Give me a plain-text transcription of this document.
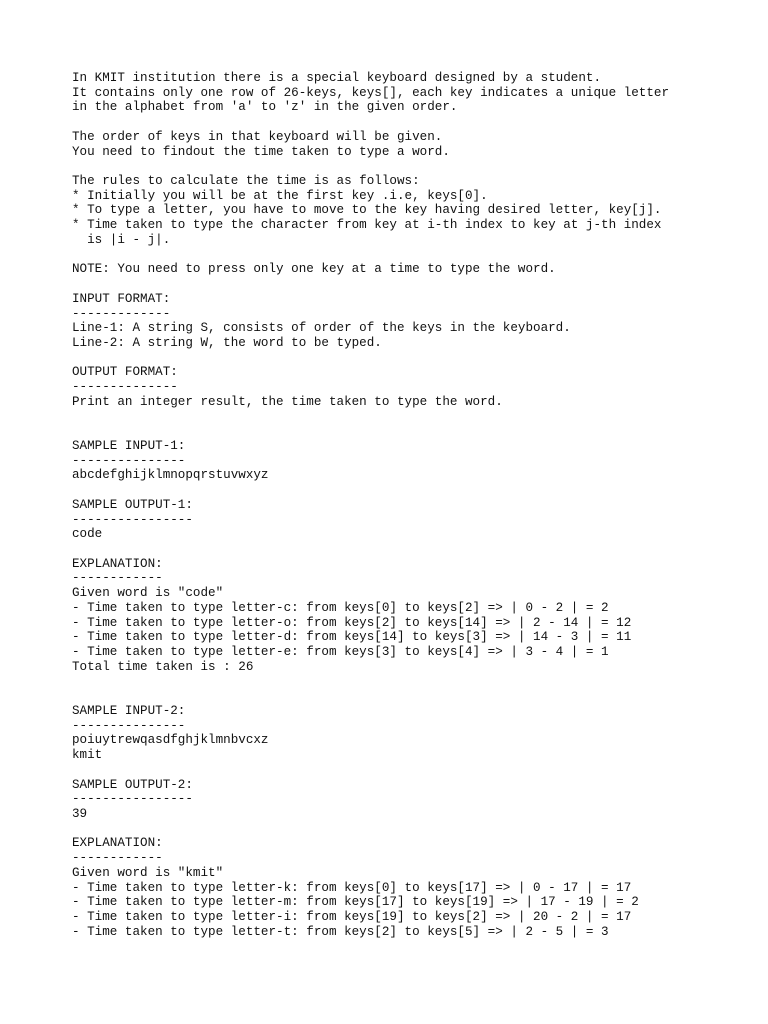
In KMIT institution there is a special keyboard designed by a student.
It contains only one row of 26-keys, keys[], each key indicates a unique letter
in the alphabet from 'a' to 'z' in the given order.
The order of keys in that keyboard will be given.
You need to findout the time taken to type a word.
The rules to calculate the time is as follows:
* Initially you will be at the first key .i.e, keys[0].
* To type a letter, you have to move to the key having desired letter, key[j].
* Time taken to type the character from key at i-th index to key at j-th index
is |i - j|.
NOTE: You need to press only one key at a time to type the word.
INPUT FORMAT:
-------------
Line-1: A string S, consists of order of the keys in the keyboard.
Line-2: A string W, the word to be typed.
OUTPUT FORMAT:
--------------
Print an integer result, the time taken to type the word.
SAMPLE INPUT-1:
---------------
abcdefghijklmnopqrstuvwxyz
SAMPLE OUTPUT-1:
----------------
code
EXPLANATION:
------------
Given word is "code"
- Time taken to type letter-c: from keys[0] to keys[2] => | 0 - 2 | = 2
- Time taken to type letter-o: from keys[2] to keys[14] => | 2 - 14 | = 12
- Time taken to type letter-d: from keys[14] to keys[3] => | 14 - 3 | = 11
- Time taken to type letter-e: from keys[3] to keys[4] => | 3 - 4 | = 1
Total time taken is : 26
SAMPLE INPUT-2:
---------------
poiuytrewqasdfghjklmnbvcxz
kmit
SAMPLE OUTPUT-2:
----------------
39
EXPLANATION:
------------
Given word is "kmit"
- Time taken to type letter-k: from keys[0] to keys[17] => | 0 - 17 | = 17
- Time taken to type letter-m: from keys[17] to keys[19] => | 17 - 19 | = 2
- Time taken to type letter-i: from keys[19] to keys[2] => | 20 - 2 | = 17
- Time taken to type letter-t: from keys[2] to keys[5] => | 2 - 5 | = 3
